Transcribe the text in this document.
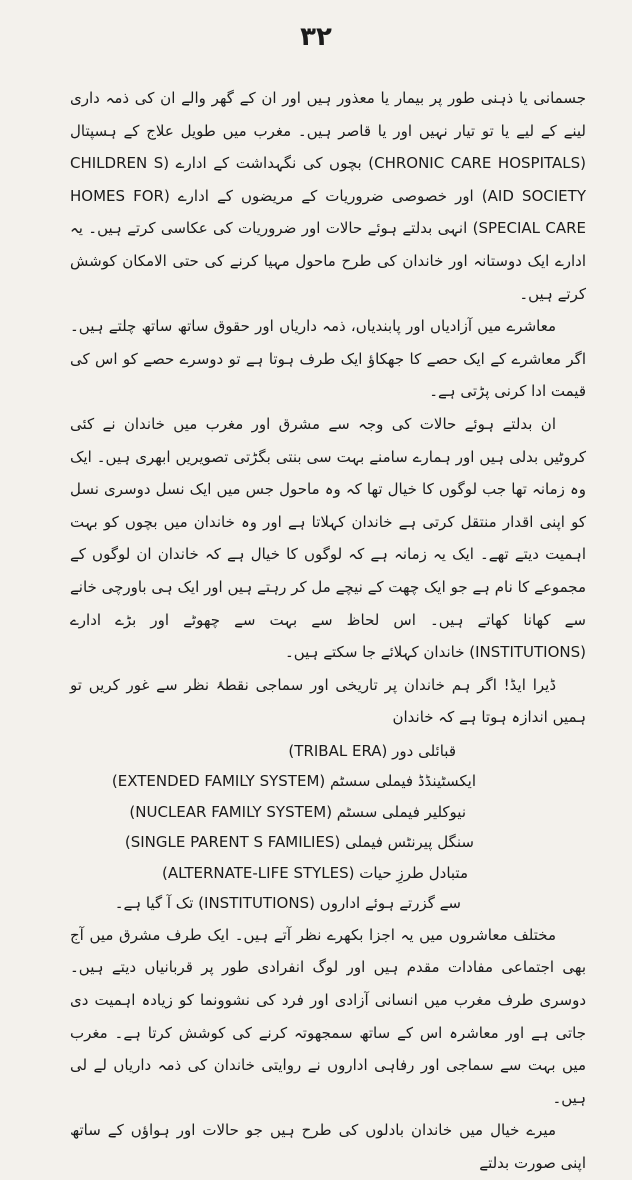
۳۲

جسمانی یا ذہنی طور پر بیمار یا معذور ہیں اور ان کے گھر والے ان کی ذمہ داری لینے کے لیے یا تو تیار نہیں اور یا قاصر ہیں۔ مغرب میں طویل علاج کے ہسپتال (CHRONIC CARE HOSPITALS) بچوں کی نگہداشت کے ادارے (CHILDREN S AID SOCIETY) اور خصوصی ضروریات کے مریضوں کے ادارے (HOMES FOR SPECIAL CARE) انہی بدلتے ہوئے حالات اور ضروریات کی عکاسی کرتے ہیں۔ یہ ادارے ایک دوستانہ اور خاندان کی طرح ماحول مہیا کرنے کی حتی الامکان کوشش کرتے ہیں۔

معاشرے میں آزادیاں اور پابندیاں، ذمہ داریاں اور حقوق ساتھ ساتھ چلتے ہیں۔ اگر معاشرے کے ایک حصے کا جھکاؤ ایک طرف ہوتا ہے تو دوسرے حصے کو اس کی قیمت ادا کرنی پڑتی ہے۔

ان بدلتے ہوئے حالات کی وجہ سے مشرق اور مغرب میں خاندان نے کئی کروٹیں بدلی ہیں اور ہمارے سامنے بہت سی بنتی بگڑتی تصویریں ابھری ہیں۔ ایک وہ زمانہ تھا جب لوگوں کا خیال تھا کہ وہ ماحول جس میں ایک نسل دوسری نسل کو اپنی اقدار منتقل کرتی ہے خاندان کہلاتا ہے اور وہ خاندان میں بچوں کو بہت اہمیت دیتے تھے۔ ایک یہ زمانہ ہے کہ لوگوں کا خیال ہے کہ خاندان ان لوگوں کے مجموعے کا نام ہے جو ایک چھت کے نیچے مل کر رہتے ہیں اور ایک ہی باورچی خانے سے کھانا کھاتے ہیں۔ اس لحاظ سے بہت سے چھوٹے اور بڑے ادارے (INSTITUTIONS) خاندان کہلائے جا سکتے ہیں۔

ڈیرا ایڈ! اگر ہم خاندان پر تاریخی اور سماجی نقطۂ نظر سے غور کریں تو ہمیں اندازہ ہوتا ہے کہ خاندان

قبائلی دور (TRIBAL ERA)
ایکسٹینڈڈ فیملی سسٹم (EXTENDED FAMILY SYSTEM)
نیوکلیر فیملی سسٹم (NUCLEAR FAMILY SYSTEM)
سنگل پیرنٹس فیملی (SINGLE PARENT S FAMILIES)
متبادل طرزِ حیات (ALTERNATE-LIFE STYLES)
سے گزرتے ہوئے اداروں (INSTITUTIONS) تک آ گیا ہے۔

مختلف معاشروں میں یہ اجزا بکھرے نظر آتے ہیں۔ ایک طرف مشرق میں آج بھی اجتماعی مفادات مقدم ہیں اور لوگ انفرادی طور پر قربانیاں دیتے ہیں۔ دوسری طرف مغرب میں انسانی آزادی اور فرد کی نشوونما کو زیادہ اہمیت دی جاتی ہے اور معاشرہ اس کے ساتھ سمجھوتہ کرنے کی کوشش کرتا ہے۔ مغرب میں بہت سے سماجی اور رفاہی اداروں نے روایتی خاندان کی ذمہ داریاں لے لی ہیں۔

میرے خیال میں خاندان بادلوں کی طرح ہیں جو حالات اور ہواؤں کے ساتھ اپنی صورت بدلتے
